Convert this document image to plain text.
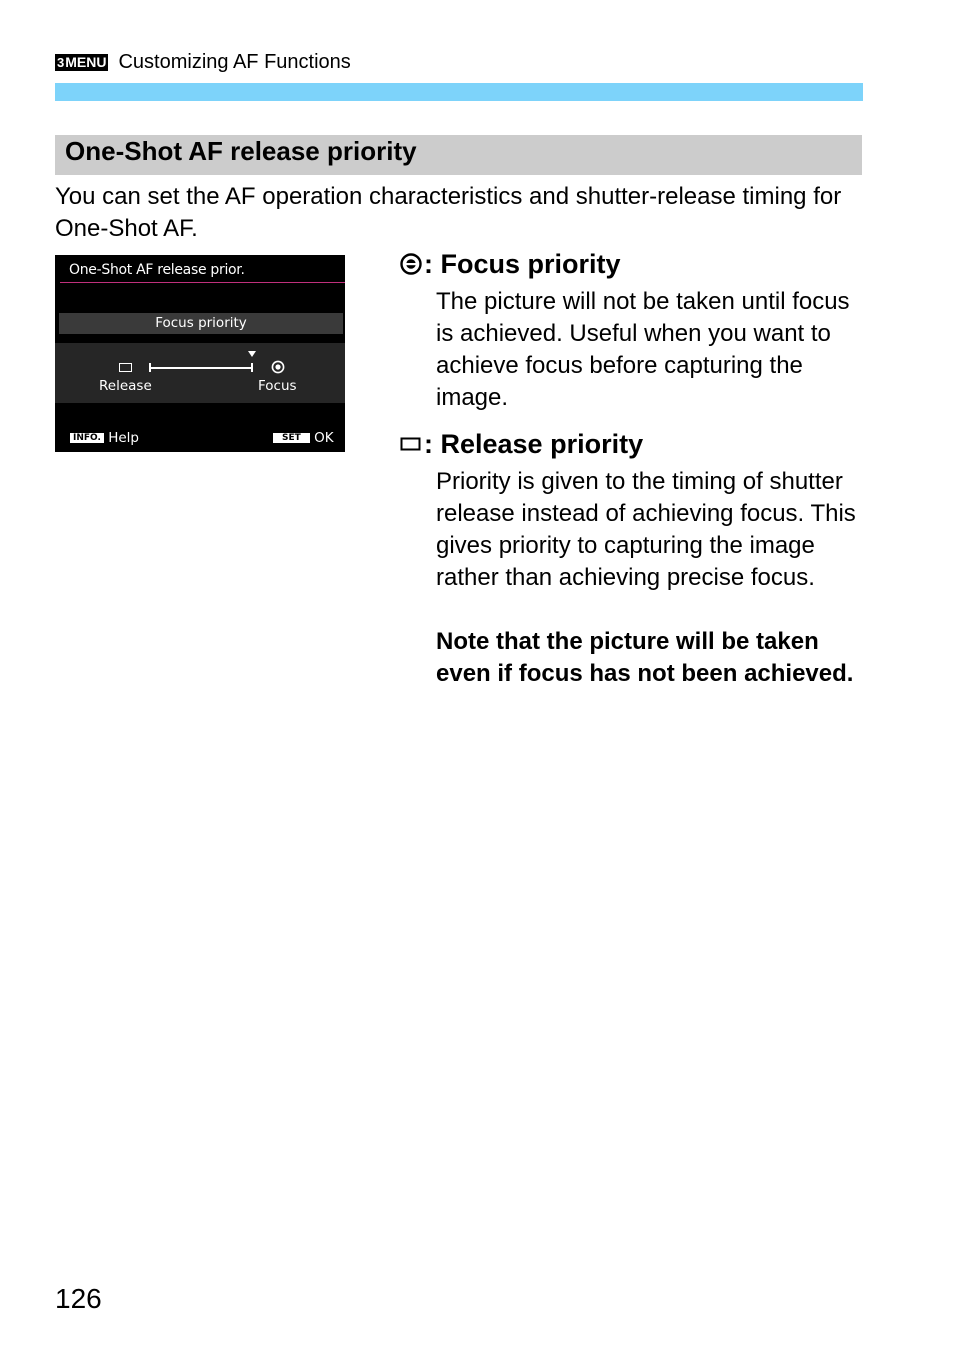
3MENU Customizing AF Functions
One-Shot AF release priority
You can set the AF operation characteristics and shutter-release timing for One-Shot AF.
One-Shot AF release prior.
Focus priority
Release	Focus
INFO. Help	SET OK
: Focus priority
The picture will not be taken until focus is achieved. Useful when you want to achieve focus before capturing the image.
: Release priority
Priority is given to the timing of shutter release instead of achieving focus. This gives priority to capturing the image rather than achieving precise focus.
Note that the picture will be taken even if focus has not been achieved.
126
